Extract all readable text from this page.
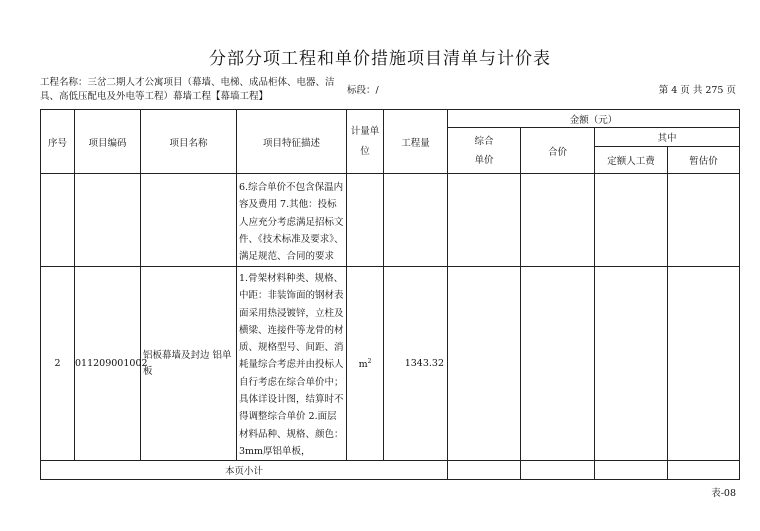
分部分项工程和单价措施项目清单与计价表
工程名称：三岔二期人才公寓项目（幕墙、电梯、成品柜体、电器、洁具、高低压配电及外电等工程）幕墙工程【幕墙工程】
标段：/	第 4 页 共 275 页
序号	项目编码	项目名称	项目特征描述	计量单位	工程量	金额（元）			
						综合单价	合价	其中	
								定额人工费	暂估价
			6.综合单价不包含保温内容及费用 7.其他：投标人应充分考虑满足招标文件、《技术标准及要求》、满足规范、合同的要求						
2	011209001002	铝板幕墙及封边 铝单板	1.骨架材料种类、规格、中距：非装饰面的钢材表面采用热浸镀锌，立柱及横梁、连接件等龙骨的材质、规格型号、间距、消耗量综合考虑并由投标人自行考虑在综合单价中；具体详设计图，结算时不得调整综合单价 2.面层材料品种、规格、颜色：3mm厚铝单板，	$m^2$	1343.32				
本页小计									
表-08
